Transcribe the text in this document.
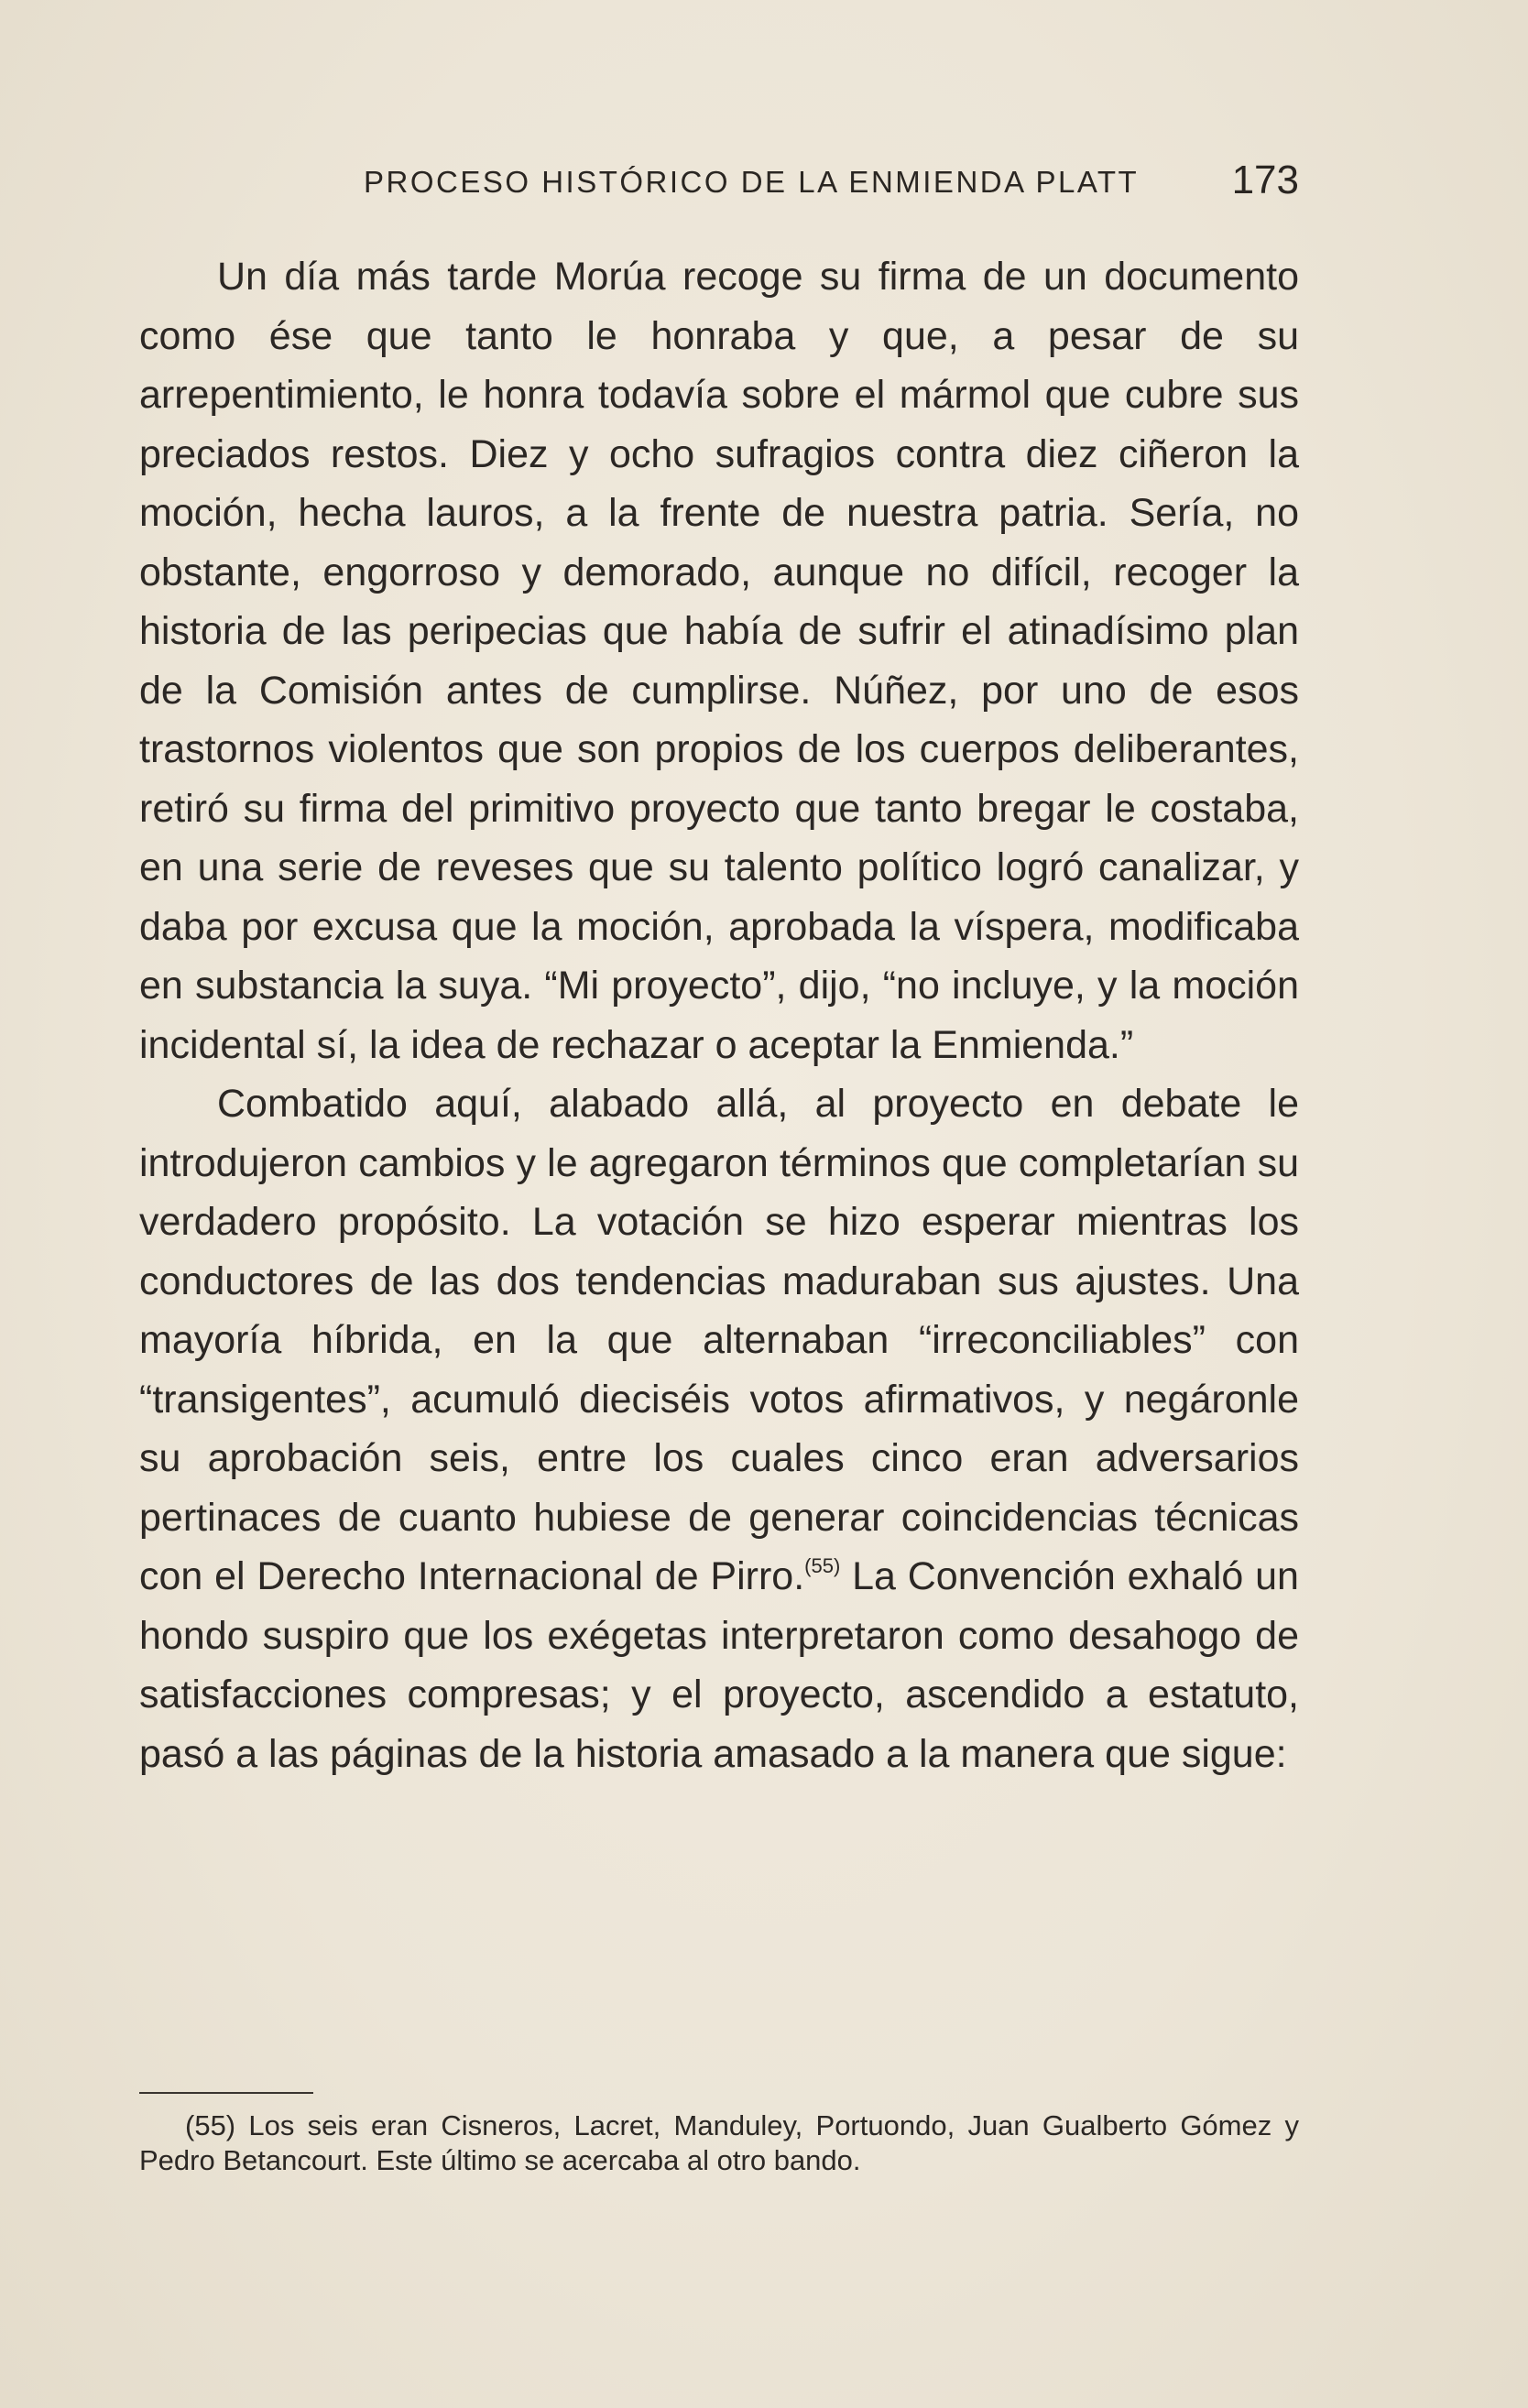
PROCESO HISTÓRICO DE LA ENMIENDA PLATT 173

Un día más tarde Morúa recoge su firma de un documento como ése que tanto le honraba y que, a pesar de su arrepentimiento, le honra todavía sobre el mármol que cubre sus preciados restos. Diez y ocho sufragios contra diez ciñeron la moción, hecha lauros, a la frente de nuestra patria. Sería, no obstante, engorroso y demorado, aunque no difícil, recoger la historia de las peripecias que había de sufrir el atinadísimo plan de la Comisión antes de cumplirse. Núñez, por uno de esos trastornos violentos que son propios de los cuerpos deliberantes, retiró su firma del primitivo proyecto que tanto bregar le costaba, en una serie de reveses que su talento político logró canalizar, y daba por excusa que la moción, aprobada la víspera, modificaba en substancia la suya. “Mi proyecto”, dijo, “no incluye, y la moción incidental sí, la idea de rechazar o aceptar la Enmienda.”

Combatido aquí, alabado allá, al proyecto en debate le introdujeron cambios y le agregaron términos que completarían su verdadero propósito. La votación se hizo esperar mientras los conductores de las dos tendencias maduraban sus ajustes. Una mayoría híbrida, en la que alternaban “irreconciliables” con “transigentes”, acumuló dieciséis votos afirmativos, y negáronle su aprobación seis, entre los cuales cinco eran adversarios pertinaces de cuanto hubiese de generar coincidencias técnicas con el Derecho Internacional de Pirro.$^{(55)}$ La Convención exhaló un hondo suspiro que los exégetas interpretaron como desahogo de satisfacciones compresas; y el proyecto, ascendido a estatuto, pasó a las páginas de la historia amasado a la manera que sigue:

(55) Los seis eran Cisneros, Lacret, Manduley, Portuondo, Juan Gualberto Gómez y Pedro Betancourt. Este último se acercaba al otro bando.
